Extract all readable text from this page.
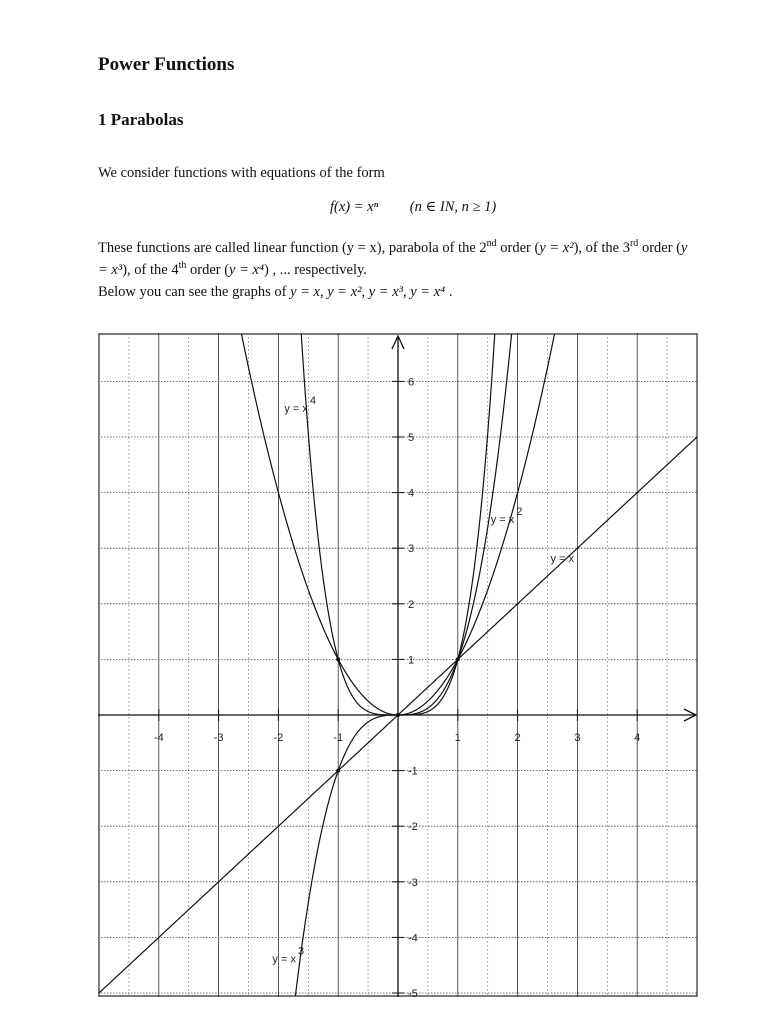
Power Functions
1 Parabolas
We consider functions with equations of the form
f(x) = xⁿ (n ∈ IN, n ≥ 1)
These functions are called linear function (y = x), parabola of the 2nd order (y = x²), of the 3rd order (y = x³), of the 4th order (y = x⁴) , ... respectively.
Below you can see the graphs of y = x, y = x², y = x³, y = x⁴ .
-4	-3	-2	-1	1	2	3	4
6
5
4
3
2
1
-1
-2
-3
-4
-5
y = x
y = x2
y = x3
y = x4
